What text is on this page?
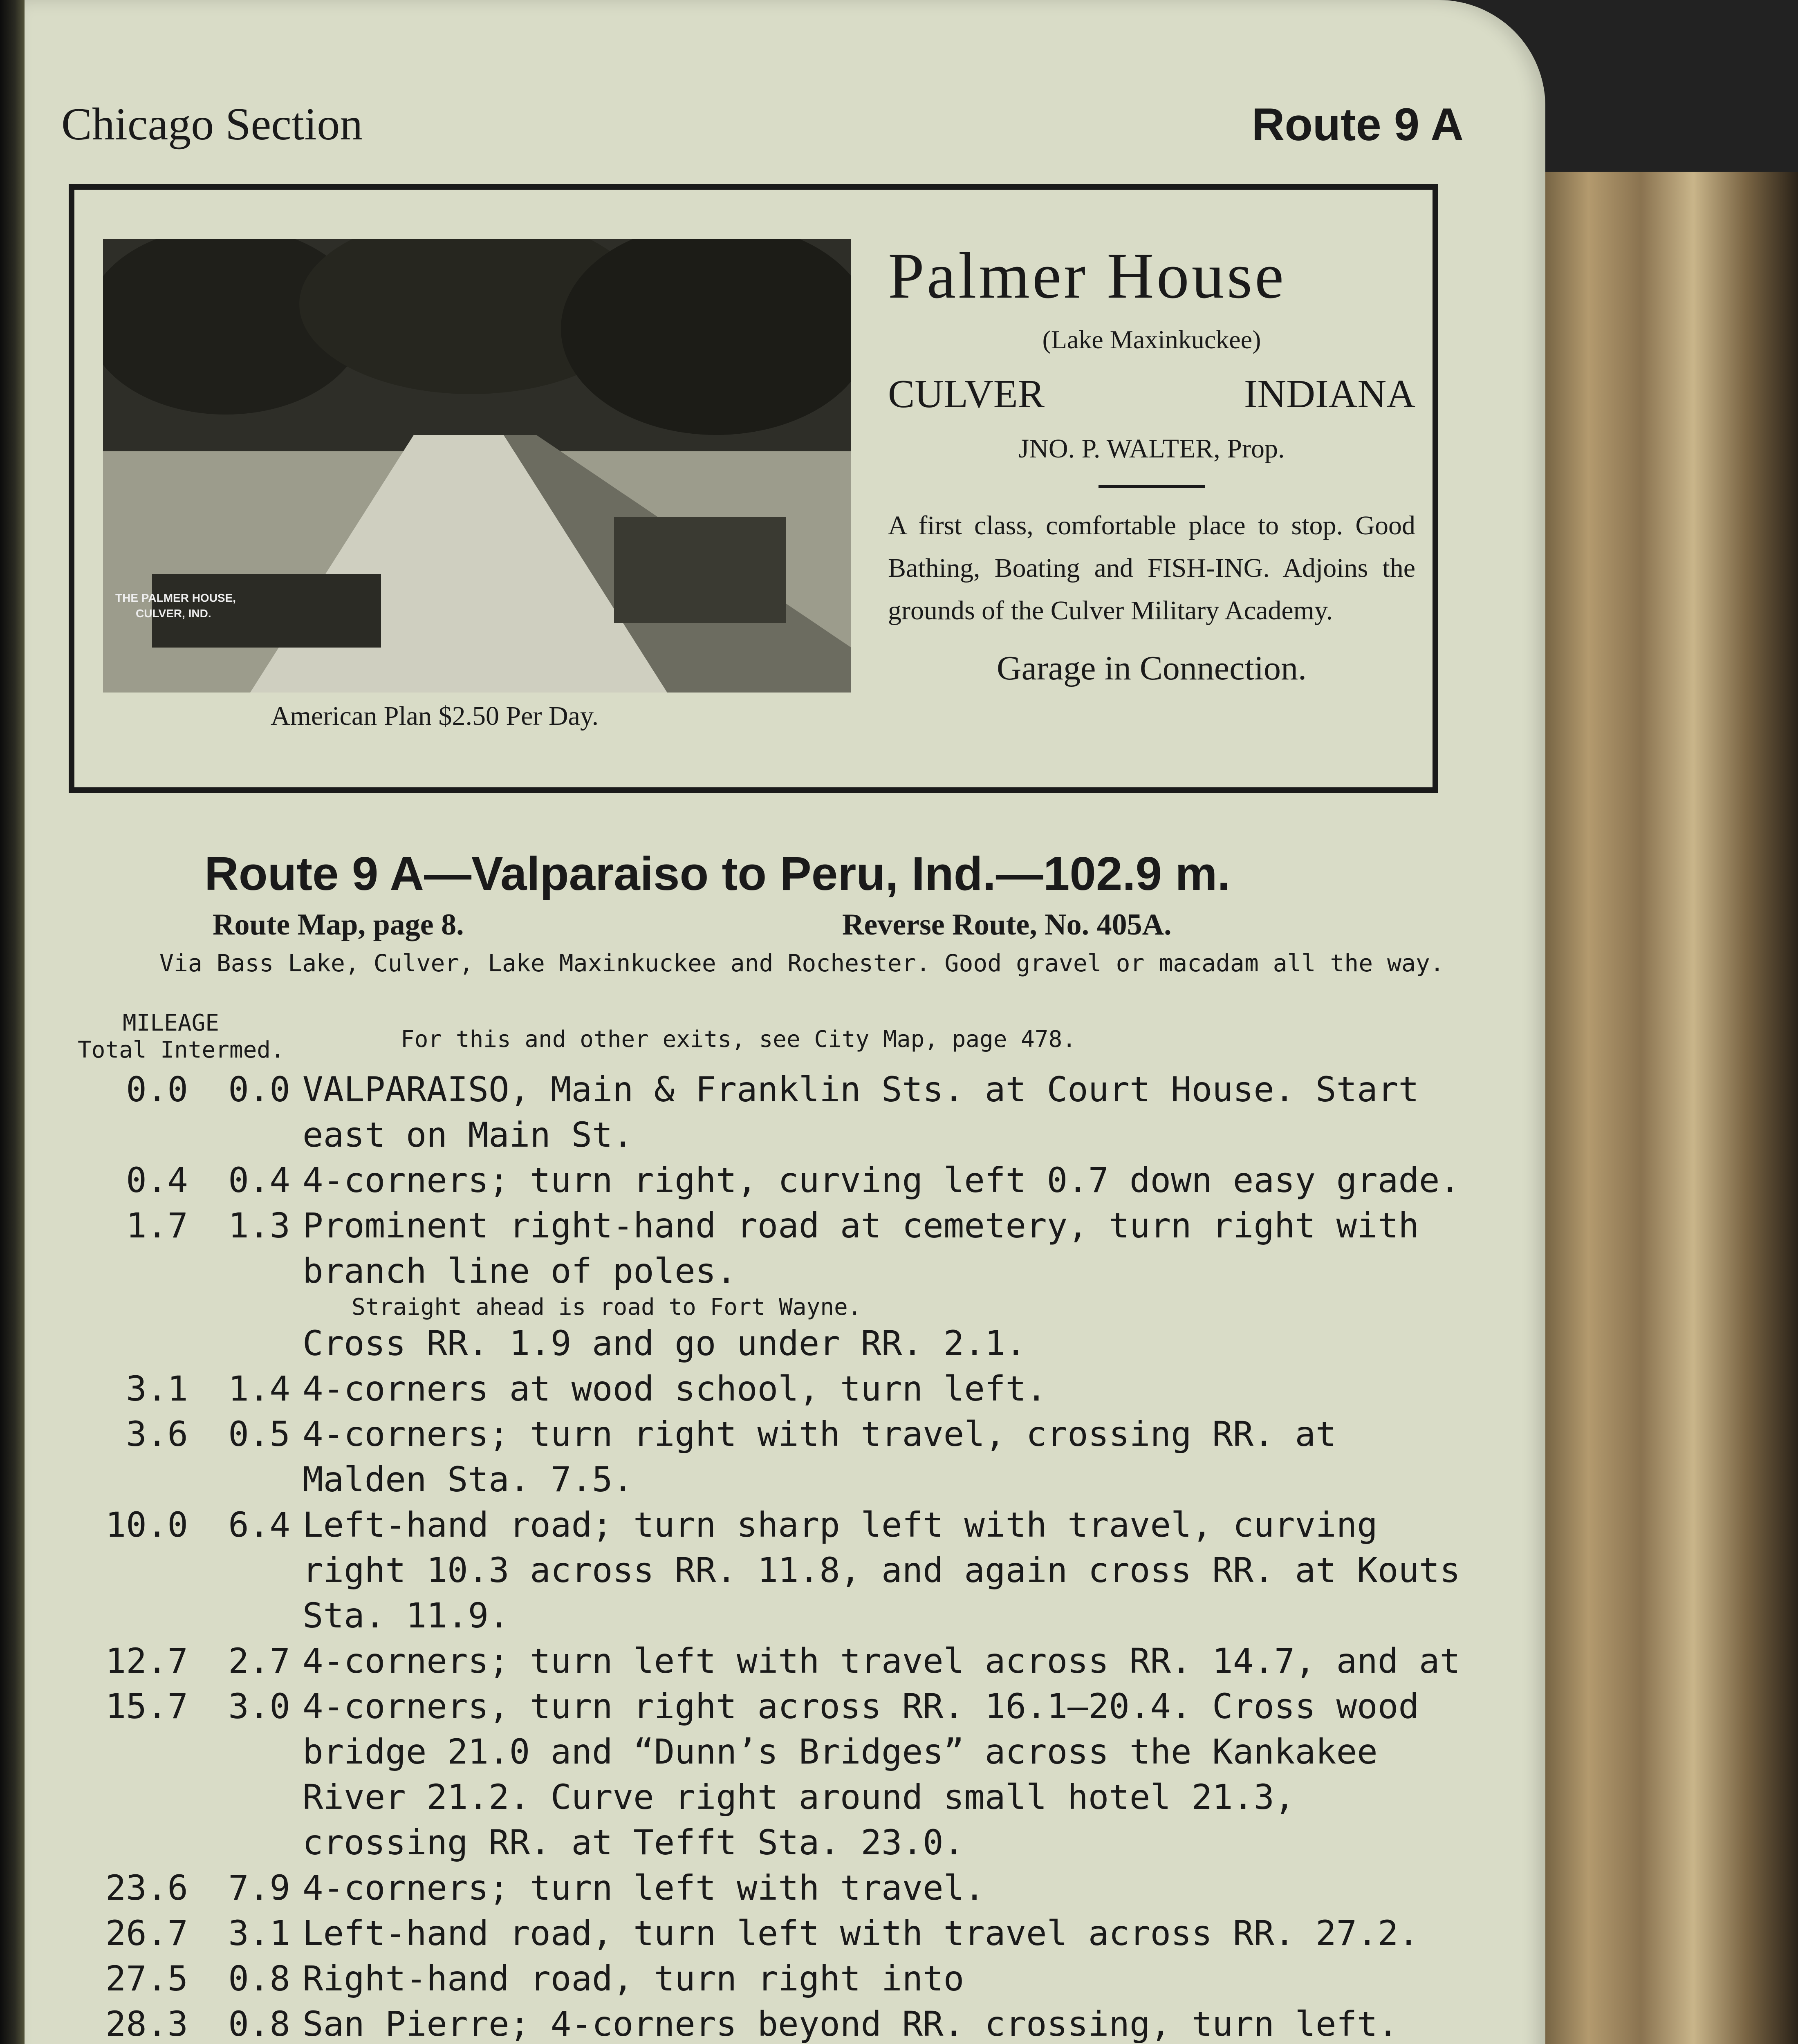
Chicago Section	Route 9 A
THE PALMER HOUSE,
CULVER, IND.
American Plan $2.50 Per Day.
Palmer House
(Lake Maxinkuckee)
CULVER	INDIANA
JNO. P. WALTER, Prop.
A first class, comfortable place to stop. Good Bathing, Boating and FISH-ING. Adjoins the grounds of the Culver Military Academy.
Garage in Connection.
Route 9 A—Valparaiso to Peru, Ind.—102.9 m.
Route Map, page 8.	Reverse Route, No. 405A.
Via Bass Lake, Culver, Lake Maxinkuckee and Rochester. Good gravel or macadam all the way.
MILEAGE
Total Intermed.	For this and other exits, see City Map, page 478.
0.0	0.0 VALPARAISO, Main & Franklin Sts. at Court House. Start east on Main St.
0.4	0.4 4-corners; turn right, curving left 0.7 down easy grade.
1.7	1.3 Prominent right-hand road at cemetery, turn right with branch line of poles.
Straight ahead is road to Fort Wayne.
Cross RR. 1.9 and go under RR. 2.1.
3.1	1.4 4-corners at wood school, turn left.
3.6	0.5 4-corners; turn right with travel, crossing RR. at Malden Sta. 7.5.
10.0	6.4 Left-hand road; turn sharp left with travel, curving right 10.3 across RR. 11.8, and again cross RR. at Kouts Sta. 11.9.
12.7	2.7 4-corners; turn left with travel across RR. 14.7, and at
15.7	3.0 4-corners, turn right across RR. 16.1—20.4. Cross wood bridge 21.0 and “Dunn’s Bridges” across the Kankakee River 21.2. Curve right around small hotel 21.3, crossing RR. at Tefft Sta. 23.0.
23.6	7.9 4-corners; turn left with travel.
26.7	3.1 Left-hand road, turn left with travel across RR. 27.2.
27.5	0.8 Right-hand road, turn right into
28.3	0.8 San Pierre; 4-corners beyond RR. crossing, turn left.
